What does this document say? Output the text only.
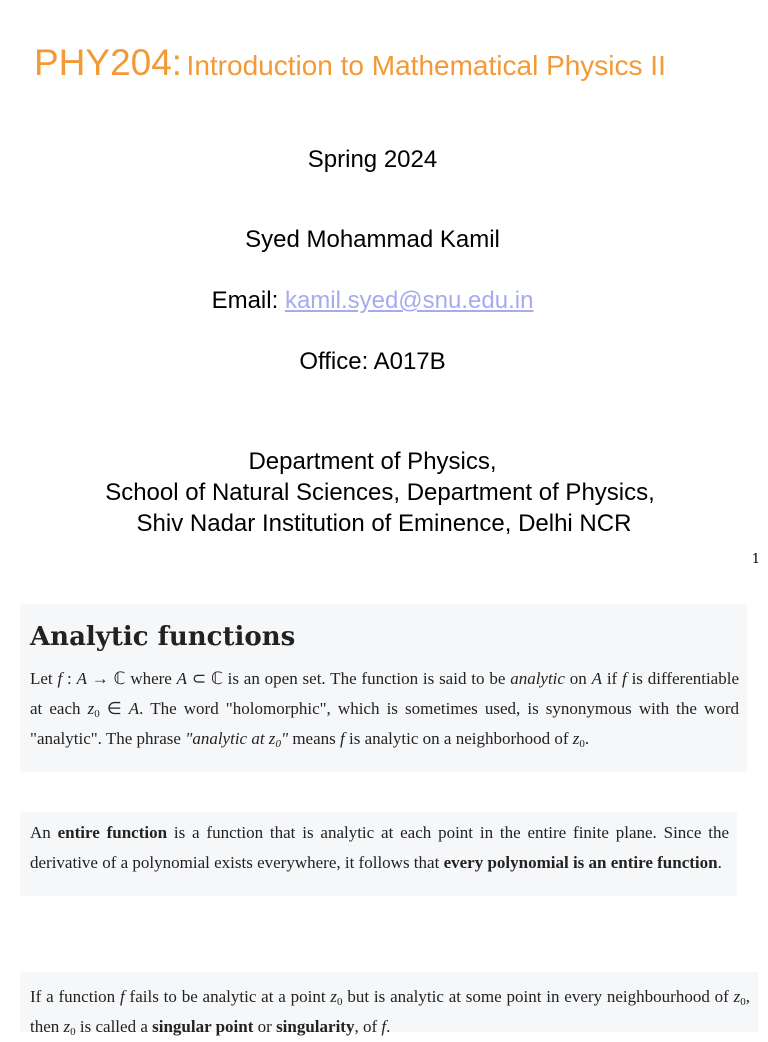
PHY204: Introduction to Mathematical Physics II
Spring 2024
Syed Mohammad Kamil
Email: kamil.syed@snu.edu.in
Office: A017B
Department of Physics,
School of Natural Sciences, Department of Physics,
Shiv Nadar Institution of Eminence, Delhi NCR
1
Analytic functions
Let f : A → ℂ where A ⊂ ℂ is an open set. The function is said to be analytic on A if f is differentiable at each $z_0$ ∈ A. The word "holomorphic", which is sometimes used, is synonymous with the word "analytic". The phrase "analytic at $z_0$" means f is analytic on a neighborhood of $z_0$.
An entire function is a function that is analytic at each point in the entire finite plane. Since the derivative of a polynomial exists everywhere, it follows that every polynomial is an entire function.
If a function f fails to be analytic at a point $z_0$ but is analytic at some point in every neighbourhood of $z_0$, then $z_0$ is called a singular point or singularity, of f.
